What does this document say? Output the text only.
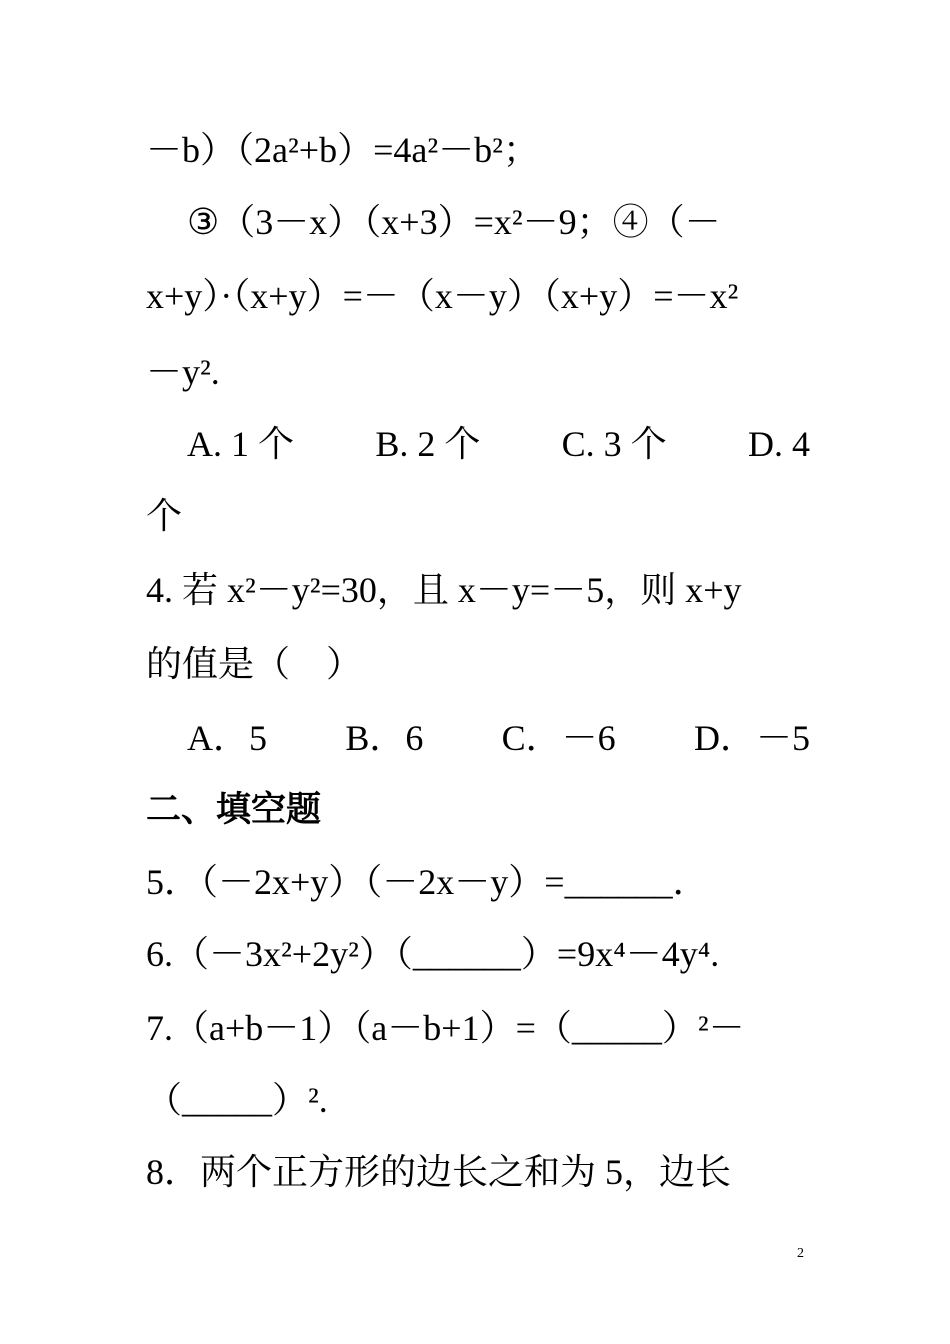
－b）（2a²+b）=4a²－b²；
③（3－x）（x+3）=x²－9；④（－
x+y）·（x+y）=－（x－y）（x+y）=－x²
－y².
A. 1 个 B. 2 个 C. 3 个 D. 4
个
4. 若 x²－y²=30，且 x－y=－5，则 x+y
的值是（　）
A．5 B．6 C．－6 D．－5
二、填空题
5．（－2x+y）（－2x－y）=______．
6.（－3x²+2y²）（______）=9x⁴－4y⁴.
7.（a+b－1）（a－b+1）=（_____）²－
（_____）².
8．两个正方形的边长之和为 5，边长
2
